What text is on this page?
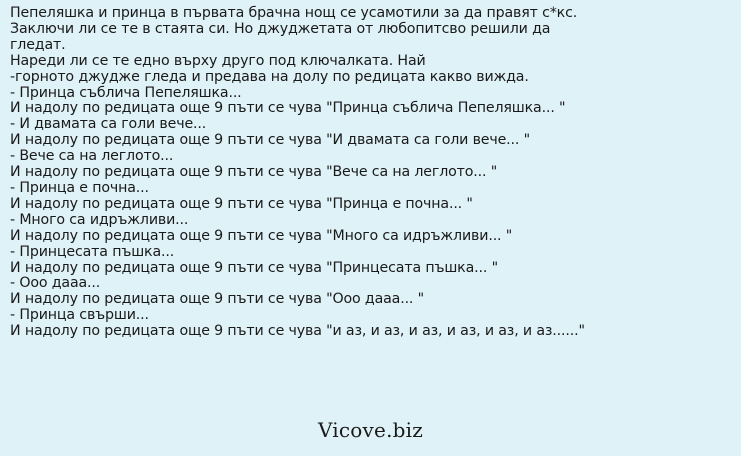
Пепеляшка и принца в първата брачна нощ се усамотили за да правят с*кс.
Заключи ли се те в стаята си. Но джуджетата от любопитсво решили да
гледат.
Нареди ли се те едно върху друго под ключалката. Най
-горното джудже гледа и предава на долу по редицата какво вижда.
- Принца съблича Пепеляшка...
И надолу по редицата още 9 пъти се чува "Принца съблича Пепеляшка... "
- И двамата са голи вече...
И надолу по редицата още 9 пъти се чува "И двамата са голи вече... "
- Вече са на леглото...
И надолу по редицата още 9 пъти се чува "Вече са на леглото... "
- Принца е почна...
И надолу по редицата още 9 пъти се чува "Принца е почна... "
- Много са идръжливи...
И надолу по редицата още 9 пъти се чува "Много са идръжливи... "
- Принцесата пъшка...
И надолу по редицата още 9 пъти се чува "Принцесата пъшка... "
- Ооо дааа...
И надолу по редицата още 9 пъти се чува "Ооо дааа... "
- Принца свърши...
И надолу по редицата още 9 пъти се чува "и аз, и аз, и аз, и аз, и аз, и аз......"
Vicove.biz
